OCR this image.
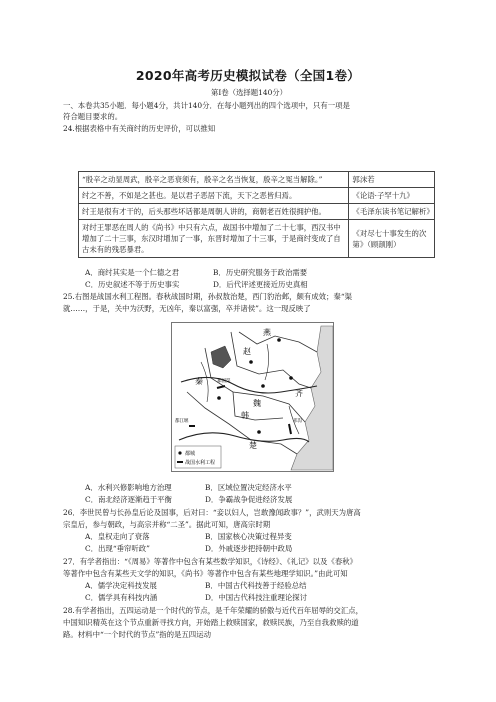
2020年高考历史模拟试卷（全国1卷）
第Ⅰ卷（选择题140分）
一、本卷共35小题．每小题4分，共计140分．在每小题列出的四个选项中，只有一项是
符合题目要求的。
24.根据表格中有关商纣的历史评价，可以推知
“殷辛之动显周武，殷辛之恶衰须有，殷辛之名当恢复，殷辛之冤当解除。”	郭沫若
纣之不善，不如是之甚也。是以君子恶居下流，天下之恶皆归焉。	《论语·子罕十九》
纣王是很有才干的，后头那些坏话都是周朝人讲的，商朝老百姓很拥护他。	《毛泽东读书笔记解析》
对纣王罪恶在周人的《尚书》中只有六点，战国书中增加了二十七事，西汉书中增加了二十三事，东汉时增加了一事，东晋时增加了十三事，于是商纣变成了自古未有的残恶暴君。	《对尽七十事发生的次第》（顾颉刚）
A．商纣其实是一个仁德之君	B．历史研究服务于政治需要
C．历史叙述不等于历史事实	D．后代评述更接近历史真相
25.右图是战国水利工程图。春秋战国时期，孙叔敖治楚，西门豹治邺，颇有成效；秦“渠
就……，于是，关中为沃野，无凶年，秦以富强，卒并诸侯”。这一现反映了
燕
赵
魏
韩
秦
楚
齐
都江堰
郑国渠
邗沟
都城
战国水利工程
A．水利兴修影响地方治理	B．区域位置决定经济水平
C．南北经济逐渐趋于平衡	D．争霸战争促进经济发展
26．李世民曾与长孙皇后论及国事，后对曰：“妾以妇人，岂敢豫闻政事？”，武则天为唐高
宗皇后，参与朝政，与高宗并称“二圣”。据此可知，唐高宗时期
A．皇权走向了衰落	B．国家核心决策过程异变
C．出现“垂帘听政”	D．外戚逐步把持朝中政局
27．有学者指出：“《周易》等著作中包含有某些数学知识，《诗经》、《礼记》以及《春秋》
等著作中包含有某些天文学的知识，《尚书》等著作中包含有某些地理学知识。”由此可知
A．儒学决定科技发展	B．中国古代科技善于经验总结
C．儒学具有科技内涵	D．中国古代科技注重理论探讨
28.有学者指出，五四运动是一个时代的节点，是千年荣耀的骄傲与近代百年屈辱的交汇点，
中国知识精英在这个节点重新寻找方向，开始踏上救赎国家，救赎民族，乃至自我救赎的道
路。材料中“一个时代的节点”指的是五四运动
